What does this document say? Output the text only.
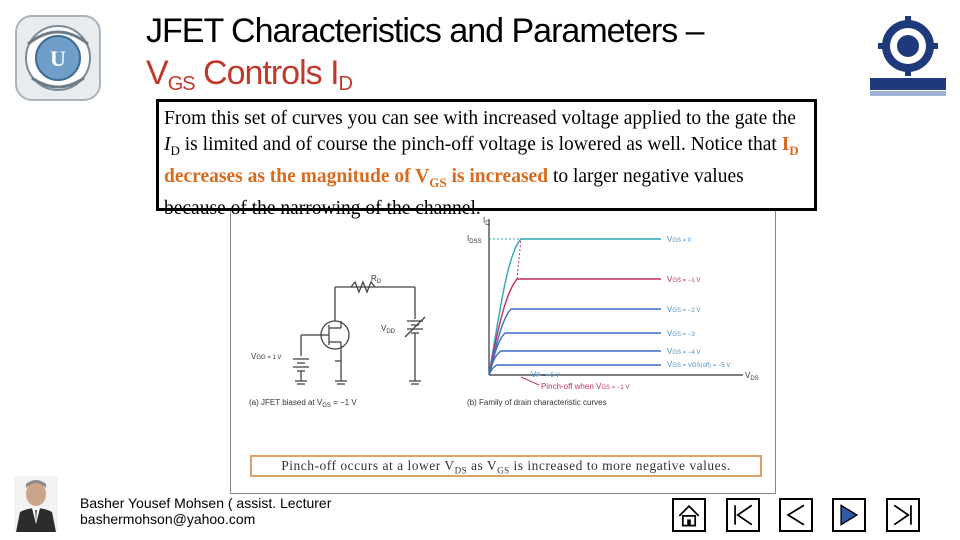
U
JFET Characteristics and Parameters –
$V_{GS}$ Controls $I_D$
$R_D$
$V_{DD}$
VGG = 1 V
(a) JFET biased at $V_{GS} = -1$ V
$I_D$
$I_{DSS}$
$V_{DS}$
VGS = 0
VGS = −1 V
VGS = −2 V
VGS = −3
VGS = −4 V
VGS = VGS(off) = −5 V
VP = +5 V
Pinch-off when VGS = −1 V
(b) Family of drain characteristic curves
From this set of curves you can see with increased voltage applied to the gate the $I_D$ is limited and of course the pinch-off voltage is lowered as well. Notice that $I_D$ decreases as the magnitude of $V_{GS}$ is increased to larger negative values because of the narrowing of the channel.
Pinch-off occurs at a lower $V_{DS}$ as $V_{GS}$ is increased to more negative values.
Basher Yousef Mohsen ( assist. Lecturer
bashermohson@yahoo.com
